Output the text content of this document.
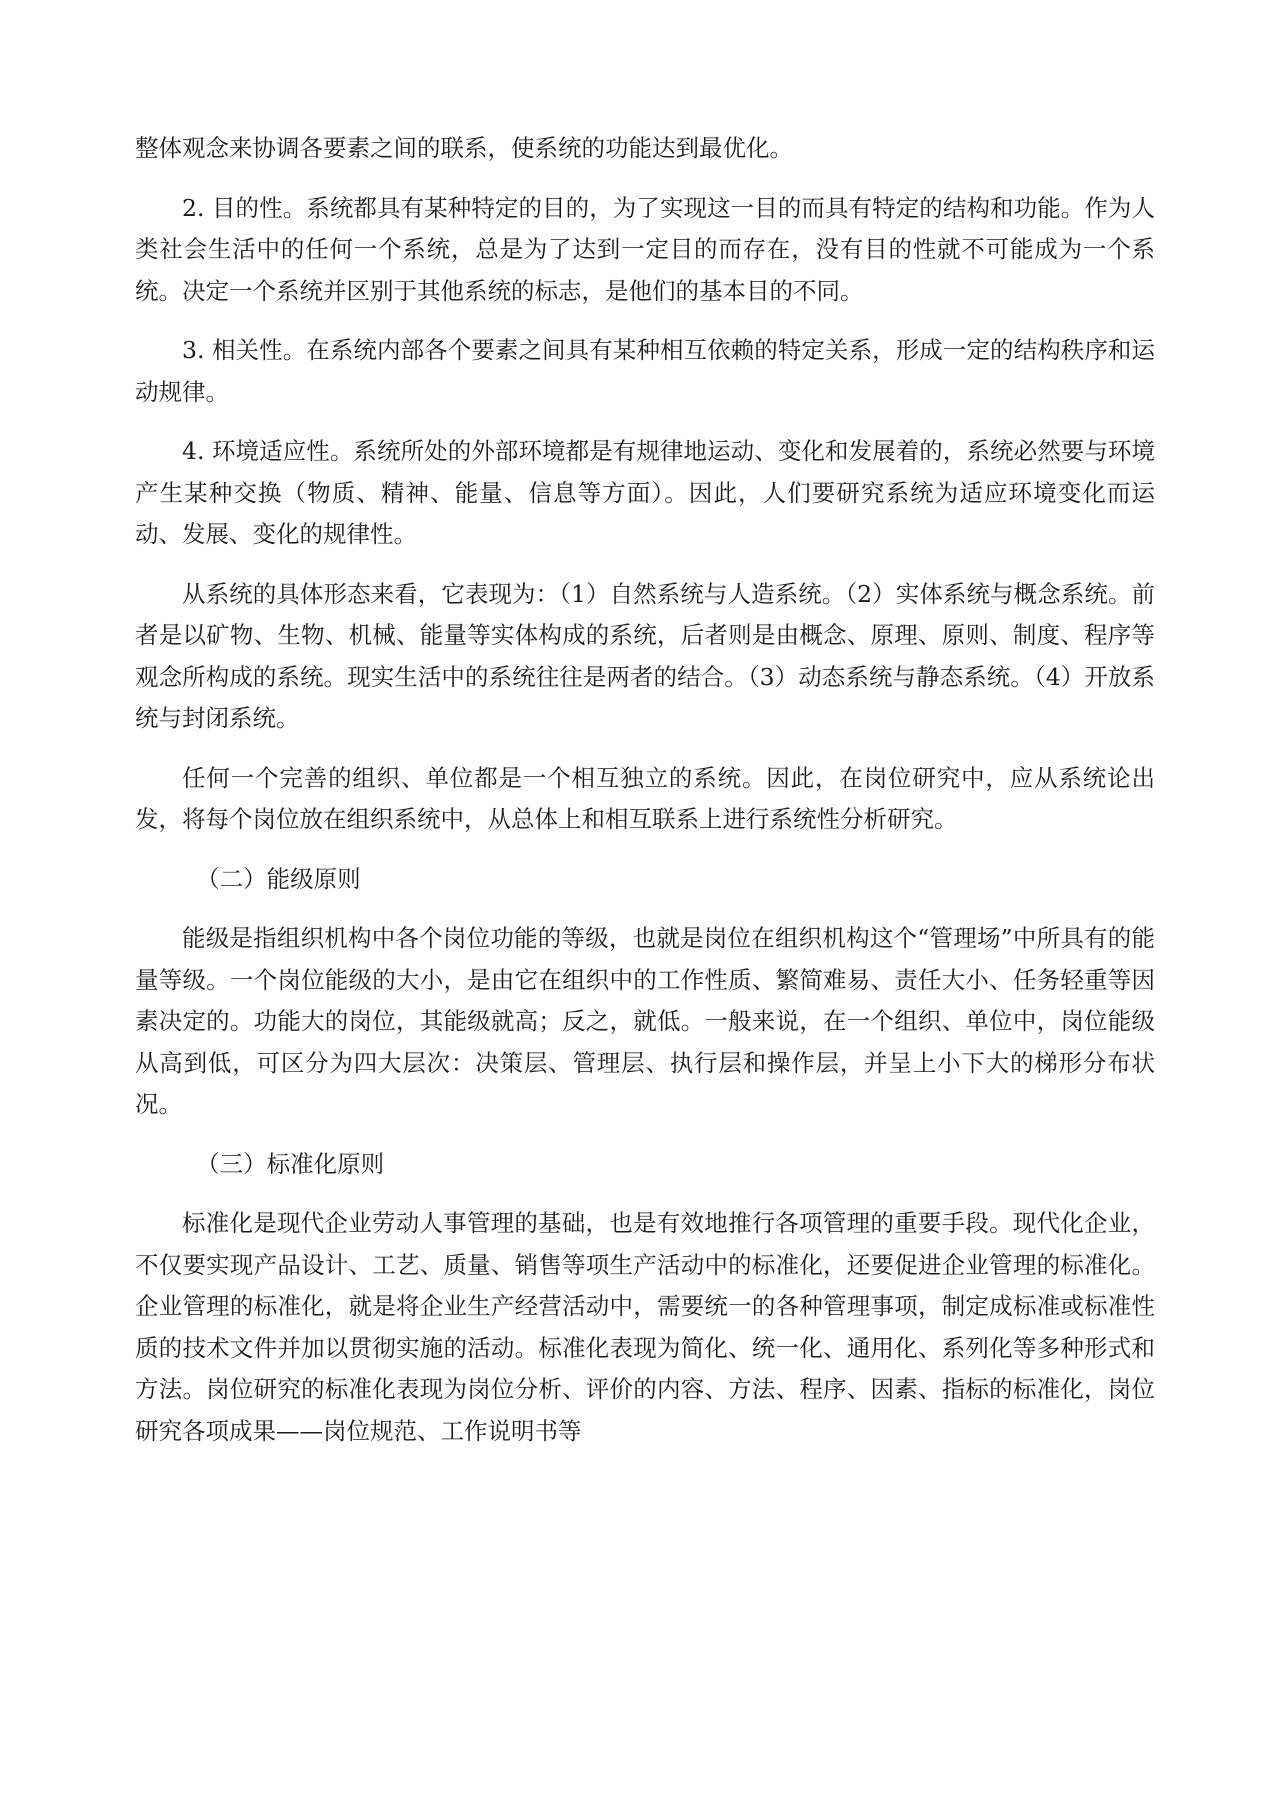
整体观念来协调各要素之间的联系，使系统的功能达到最优化。

2. 目的性。系统都具有某种特定的目的，为了实现这一目的而具有特定的结构和功能。作为人类社会生活中的任何一个系统，总是为了达到一定目的而存在，没有目的性就不可能成为一个系统。决定一个系统并区别于其他系统的标志，是他们的基本目的不同。

3. 相关性。在系统内部各个要素之间具有某种相互依赖的特定关系，形成一定的结构秩序和运动规律。

4. 环境适应性。系统所处的外部环境都是有规律地运动、变化和发展着的，系统必然要与环境产生某种交换（物质、精神、能量、信息等方面）。因此，人们要研究系统为适应环境变化而运动、发展、变化的规律性。

从系统的具体形态来看，它表现为：（1）自然系统与人造系统。（2）实体系统与概念系统。前者是以矿物、生物、机械、能量等实体构成的系统，后者则是由概念、原理、原则、制度、程序等观念所构成的系统。现实生活中的系统往往是两者的结合。（3）动态系统与静态系统。（4）开放系统与封闭系统。

任何一个完善的组织、单位都是一个相互独立的系统。因此，在岗位研究中，应从系统论出发，将每个岗位放在组织系统中，从总体上和相互联系上进行系统性分析研究。

（二）能级原则

能级是指组织机构中各个岗位功能的等级，也就是岗位在组织机构这个“管理场”中所具有的能量等级。一个岗位能级的大小，是由它在组织中的工作性质、繁简难易、责任大小、任务轻重等因素决定的。功能大的岗位，其能级就高；反之，就低。一般来说，在一个组织、单位中，岗位能级从高到低，可区分为四大层次：决策层、管理层、执行层和操作层，并呈上小下大的梯形分布状况。

（三）标准化原则

标准化是现代企业劳动人事管理的基础，也是有效地推行各项管理的重要手段。现代化企业，不仅要实现产品设计、工艺、质量、销售等项生产活动中的标准化，还要促进企业管理的标准化。企业管理的标准化，就是将企业生产经营活动中，需要统一的各种管理事项，制定成标准或标准性质的技术文件并加以贯彻实施的活动。标准化表现为简化、统一化、通用化、系列化等多种形式和方法。岗位研究的标准化表现为岗位分析、评价的内容、方法、程序、因素、指标的标准化，岗位研究各项成果——岗位规范、工作说明书等
